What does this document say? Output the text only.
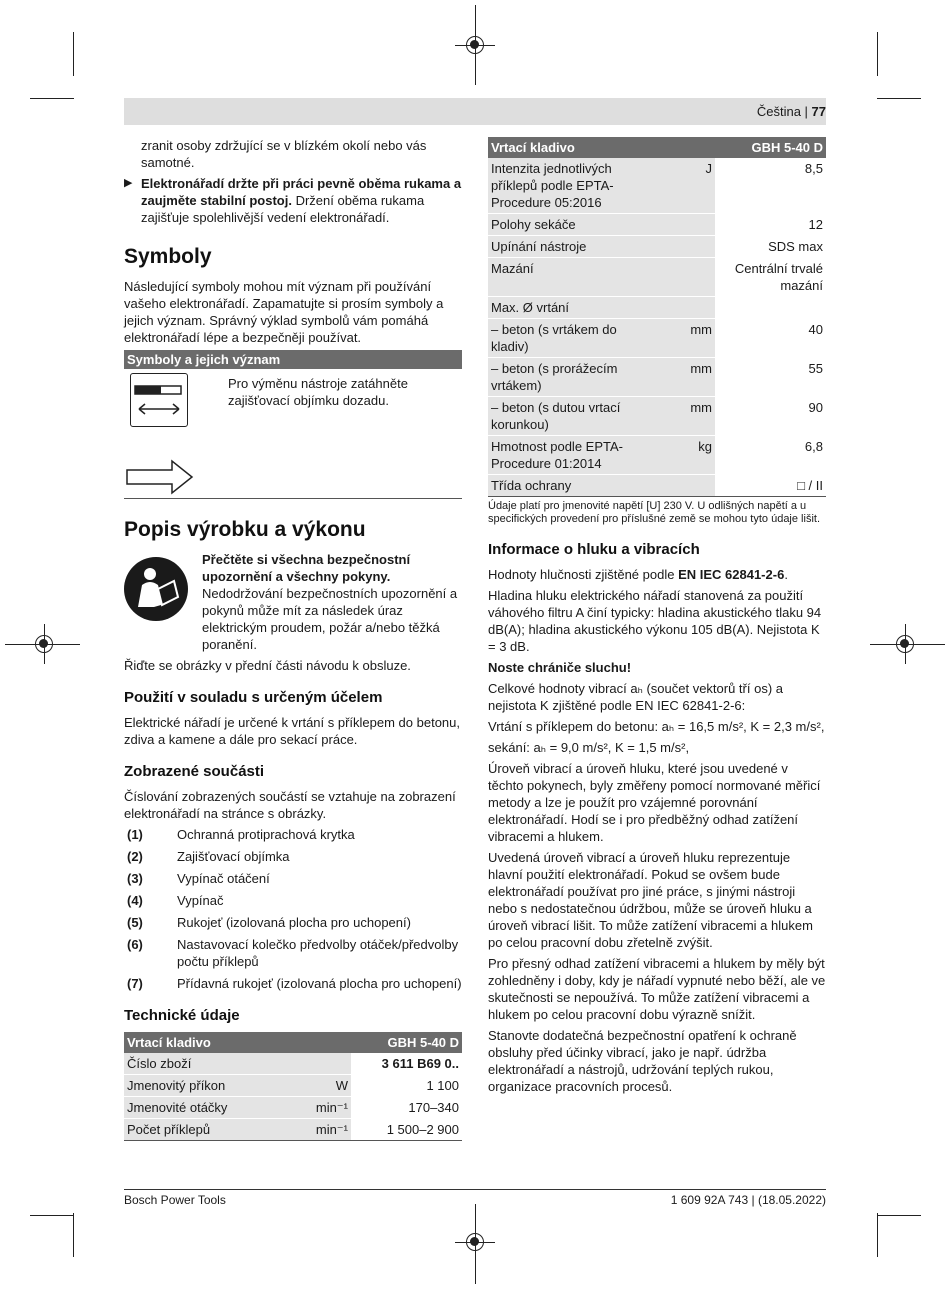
Čeština | 77

zranit osoby zdržující se v blízkém okolí nebo vás samotné.

▶ Elektronářadí držte při práci pevně oběma rukama a zaujměte stabilní postoj. Držení oběma rukama zajišťuje spolehlivější vedení elektronářadí.
Symboly

Následující symboly mohou mít význam při používání vašeho elektronářadí. Zapamatujte si prosím symboly a jejich význam. Správný výklad symbolů vám pomáhá elektronářadí lépe a bezpečněji používat.

Symboly a jejich význam
Pro výměnu nástroje zatáhněte zajišťovací objímku dozadu.
Popis výrobku a výkonu
Přečtěte si všechna bezpečnostní upozornění a všechny pokyny. Nedodržování bezpečnostních upozornění a pokynů může mít za následek úraz elektrickým proudem, požár a/nebo těžká poranění.

Řiďte se obrázky v přední části návodu k obsluze.

Použití v souladu s určeným účelem

Elektrické nářadí je určené k vrtání s příklepem do betonu, zdiva a kamene a dále pro sekací práce.

Zobrazené součásti

Číslování zobrazených součástí se vztahuje na zobrazení elektronářadí na stránce s obrázky.

(1)	Ochranná protiprachová krytka
(2)	Zajišťovací objímka
(3)	Vypínač otáčení
(4)	Vypínač
(5)	Rukojeť (izolovaná plocha pro uchopení)
(6)	Nastavovací kolečko předvolby otáček/předvolby počtu příklepů
(7)	Přídavná rukojeť (izolovaná plocha pro uchopení)
Technické údaje
Vrtací kladivo		GBH 5-40 D
Číslo zboží		3 611 B69 0..
Jmenovitý příkon	W	1 100
Jmenovité otáčky	min⁻¹	170–340
Počet příklepů	min⁻¹	1 500–2 900
Vrtací kladivo		GBH 5-40 D
Intenzita jednotlivých příklepů podle EPTA-Procedure 05:2016	J	8,5
Polohy sekáče		12
Upínání nástroje		SDS max
Mazání		Centrální trvalé mazání
Max. Ø vrtání		
– beton (s vrtákem do kladiv)	mm	40
– beton (s prorážecím vrtákem)	mm	55
– beton (s dutou vrtací korunkou)	mm	90
Hmotnost podle EPTA-Procedure 01:2014	kg	6,8
Třída ochrany		□ / II

Údaje platí pro jmenovité napětí [U] 230 V. U odlišných napětí a u specifických provedení pro příslušné země se mohou tyto údaje lišit.

Informace o hluku a vibracích

Hodnoty hlučnosti zjištěné podle EN IEC 62841-2-6.

Hladina hluku elektrického nářadí stanovená za použití váhového filtru A činí typicky: hladina akustického tlaku 94 dB(A); hladina akustického výkonu 105 dB(A). Nejistota K = 3 dB.

Noste chrániče sluchu!

Celkové hodnoty vibrací aₕ (součet vektorů tří os) a nejistota K zjištěné podle EN IEC 62841-2-6:

Vrtání s příklepem do betonu: aₕ = 16,5 m/s², K = 2,3 m/s²,

sekání: aₕ = 9,0 m/s², K = 1,5 m/s²,

Úroveň vibrací a úroveň hluku, které jsou uvedené v těchto pokynech, byly změřeny pomocí normované měřicí metody a lze je použít pro vzájemné porovnání elektronářadí. Hodí se i pro předběžný odhad zatížení vibracemi a hlukem.

Uvedená úroveň vibrací a úroveň hluku reprezentuje hlavní použití elektronářadí. Pokud se ovšem bude elektronářadí používat pro jiné práce, s jinými nástroji nebo s nedostatečnou údržbou, může se úroveň hluku a úroveň vibrací lišit. To může zatížení vibracemi a hlukem po celou pracovní dobu zřetelně zvýšit.

Pro přesný odhad zatížení vibracemi a hlukem by měly být zohledněny i doby, kdy je nářadí vypnuté nebo běží, ale ve skutečnosti se nepoužívá. To může zatížení vibracemi a hlukem po celou pracovní dobu výrazně snížit.

Stanovte dodatečná bezpečnostní opatření k ochraně obsluhy před účinky vibrací, jako je např. údržba elektronářadí a nástrojů, udržování teplých rukou, organizace pracovních procesů.

Bosch Power Tools	1 609 92A 743 | (18.05.2022)
